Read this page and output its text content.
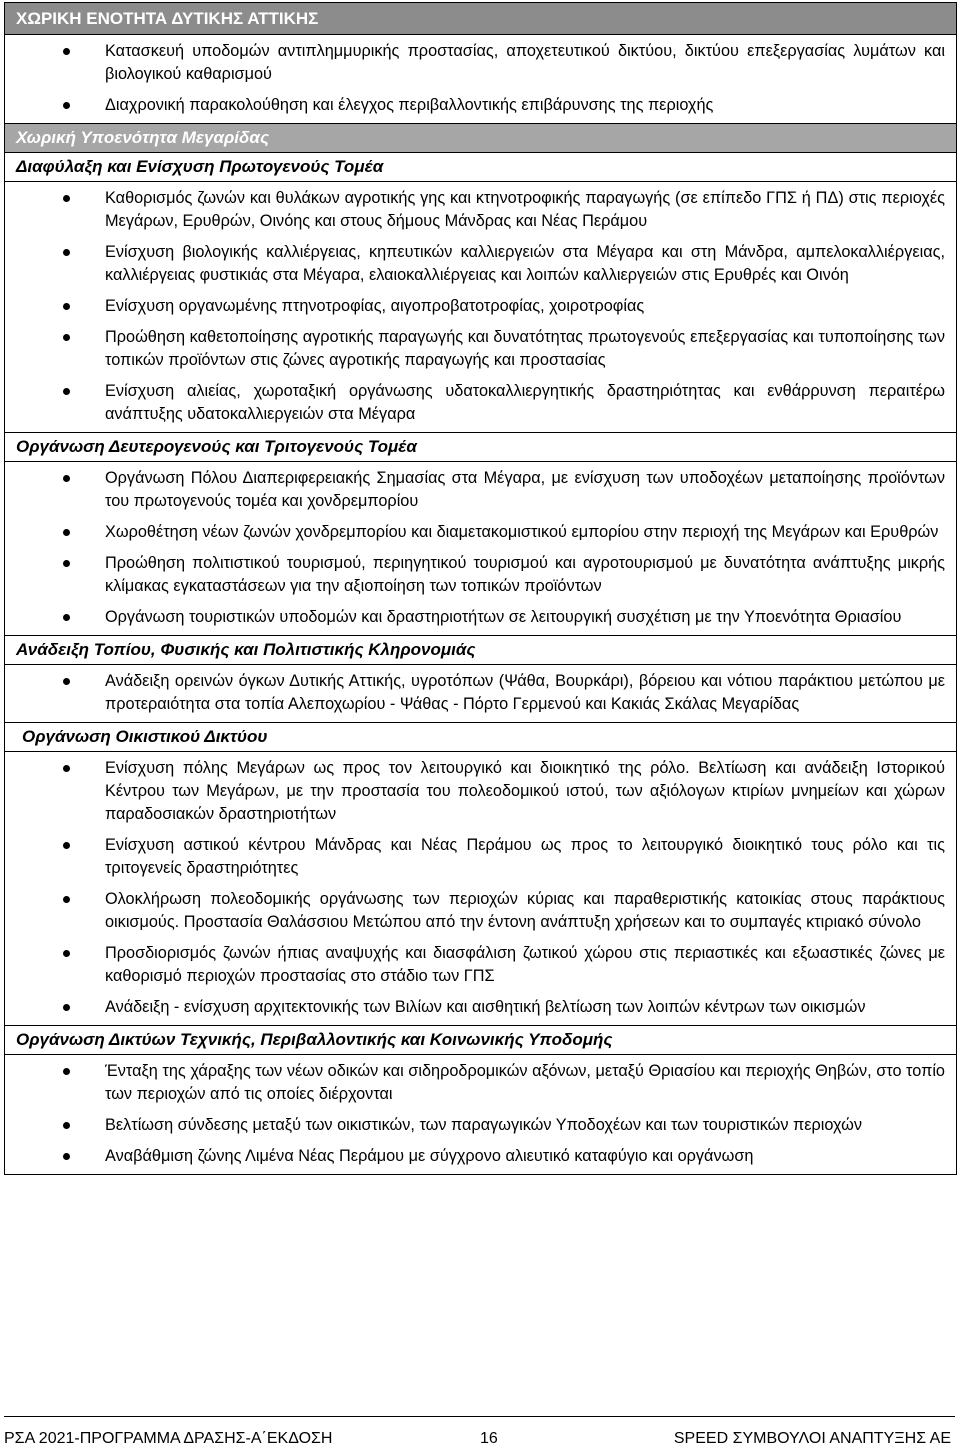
ΧΩΡΙΚΗ ΕΝΟΤΗΤΑ ΔΥΤΙΚΗΣ ΑΤΤΙΚΗΣ
Κατασκευή υποδομών αντιπλημμυρικής προστασίας, αποχετευτικού δικτύου, δικτύου επεξεργασίας λυμάτων και βιολογικού καθαρισμού
Διαχρονική παρακολούθηση και έλεγχος περιβαλλοντικής επιβάρυνσης της περιοχής
Χωρική Υποενότητα Μεγαρίδας
Διαφύλαξη και Ενίσχυση Πρωτογενούς Τομέα
Καθορισμός ζωνών και θυλάκων αγροτικής γης και κτηνοτροφικής παραγωγής (σε επίπεδο ΓΠΣ ή ΠΔ) στις περιοχές Μεγάρων, Ερυθρών, Οινόης και στους δήμους Μάνδρας και Νέας Περάμου
Ενίσχυση βιολογικής καλλιέργειας, κηπευτικών καλλιεργειών στα Μέγαρα και στη Μάνδρα, αμπελοκαλλιέργειας, καλλιέργειας φυστικιάς στα Μέγαρα, ελαιοκαλλιέργειας και λοιπών καλλιεργειών στις Ερυθρές και Οινόη
Ενίσχυση οργανωμένης πτηνοτροφίας, αιγοπροβατοτροφίας, χοιροτροφίας
Προώθηση καθετοποίησης αγροτικής παραγωγής και δυνατότητας πρωτογενούς επεξεργασίας και τυποποίησης των τοπικών προϊόντων στις ζώνες αγροτικής παραγωγής και προστασίας
Ενίσχυση αλιείας, χωροταξική οργάνωσης υδατοκαλλιεργητικής δραστηριότητας και ενθάρρυνση περαιτέρω ανάπτυξης υδατοκαλλιεργειών στα Μέγαρα
Οργάνωση Δευτερογενούς και Τριτογενούς Τομέα
Οργάνωση Πόλου Διαπεριφερειακής Σημασίας στα Μέγαρα, με ενίσχυση των υποδοχέων μεταποίησης προϊόντων του πρωτογενούς τομέα και χονδρεμπορίου
Χωροθέτηση νέων ζωνών χονδρεμπορίου και διαμετακομιστικού εμπορίου στην περιοχή της Μεγάρων και Ερυθρών
Προώθηση πολιτιστικού τουρισμού, περιηγητικού τουρισμού και αγροτουρισμού με δυνατότητα ανάπτυξης μικρής κλίμακας εγκαταστάσεων για την αξιοποίηση των τοπικών προϊόντων
Οργάνωση τουριστικών υποδομών και δραστηριοτήτων σε λειτουργική συσχέτιση με την Υποενότητα Θριασίου
Ανάδειξη Τοπίου, Φυσικής και Πολιτιστικής Κληρονομιάς
Ανάδειξη ορεινών όγκων Δυτικής Αττικής, υγροτόπων (Ψάθα, Βουρκάρι), βόρειου και νότιου παράκτιου μετώπου με προτεραιότητα στα τοπία Αλεποχωρίου - Ψάθας - Πόρτο Γερμενού και Κακιάς Σκάλας Μεγαρίδας
Οργάνωση Οικιστικού Δικτύου
Ενίσχυση πόλης Μεγάρων ως προς τον λειτουργικό και διοικητικό της ρόλο. Βελτίωση και ανάδειξη Ιστορικού Κέντρου των Μεγάρων, με την προστασία του πολεοδομικού ιστού, των αξιόλογων κτιρίων μνημείων και χώρων παραδοσιακών δραστηριοτήτων
Ενίσχυση αστικού κέντρου Μάνδρας και Νέας Περάμου ως προς το λειτουργικό διοικητικό τους ρόλο και τις τριτογενείς δραστηριότητες
Ολοκλήρωση πολεοδομικής οργάνωσης των περιοχών κύριας και παραθεριστικής κατοικίας στους παράκτιους οικισμούς. Προστασία Θαλάσσιου Μετώπου από την έντονη ανάπτυξη χρήσεων και το συμπαγές κτιριακό σύνολο
Προσδιορισμός ζωνών ήπιας αναψυχής και διασφάλιση ζωτικού χώρου στις περιαστικές και εξωαστικές ζώνες με καθορισμό περιοχών προστασίας στο στάδιο των ΓΠΣ
Ανάδειξη - ενίσχυση αρχιτεκτονικής των Βιλίων και αισθητική βελτίωση των λοιπών κέντρων των οικισμών
Οργάνωση Δικτύων Τεχνικής, Περιβαλλοντικής και Κοινωνικής Υποδομής
Ένταξη της χάραξης των νέων οδικών και σιδηροδρομικών αξόνων, μεταξύ Θριασίου και περιοχής Θηβών, στο τοπίο των περιοχών από τις οποίες διέρχονται
Βελτίωση σύνδεσης μεταξύ των οικιστικών, των παραγωγικών Υποδοχέων και των τουριστικών περιοχών
Αναβάθμιση ζώνης Λιμένα Νέας Περάμου με σύγχρονο αλιευτικό καταφύγιο και οργάνωση
ΡΣΑ 2021-ΠΡΟΓΡΑΜΜΑ ΔΡΑΣΗΣ-Α΄ΕΚΔΟΣΗ	16	SPEED ΣΥΜΒΟΥΛΟΙ ΑΝΑΠΤΥΞΗΣ ΑΕ
